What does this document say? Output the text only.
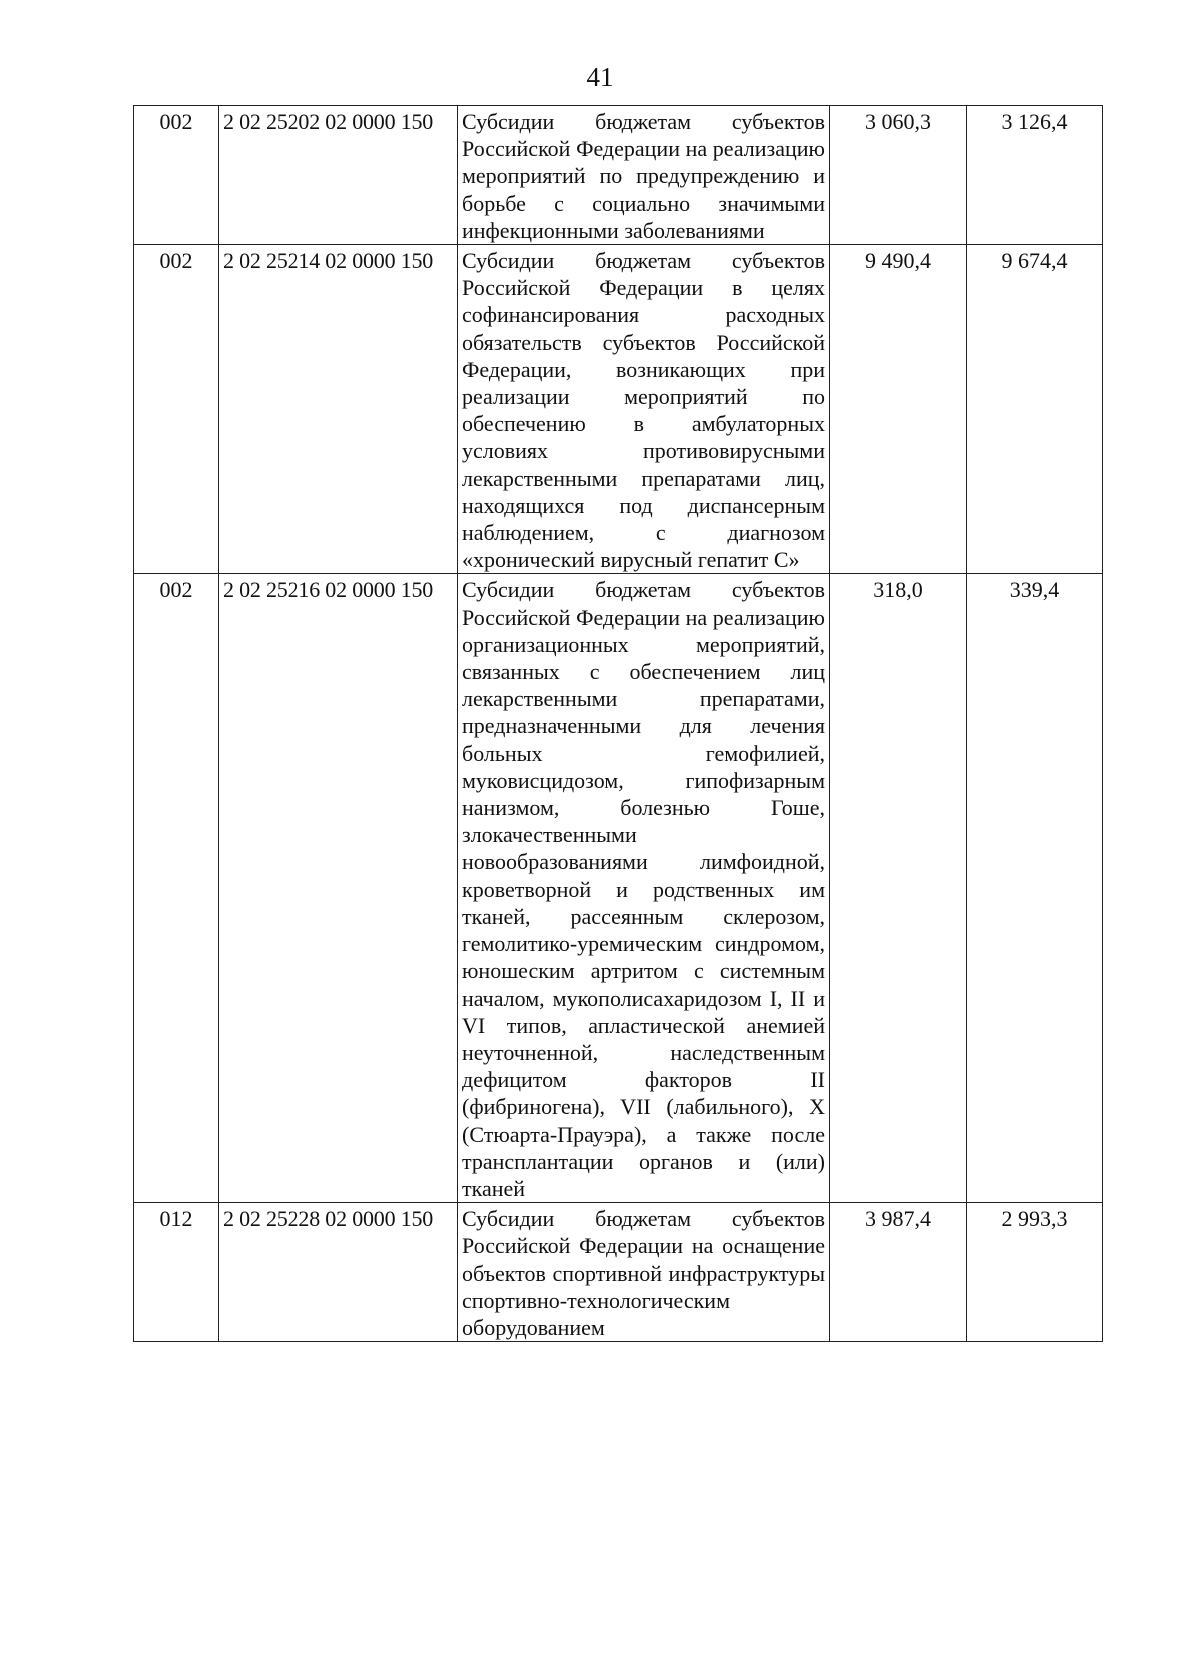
41
002	2 02 25202 02 0000 150	Субсидии бюджетам субъектов Российской Федерации на реализацию мероприятий по предупреждению и борьбе с социально значимыми инфекционными заболеваниями	3 060,3	3 126,4
002	2 02 25214 02 0000 150	Субсидии бюджетам субъектов Российской Федерации в целях софинансирования расходных обязательств субъектов Российской Федерации, возникающих при реализации мероприятий по обеспечению в амбулаторных условиях противовирусными лекарственными препаратами лиц, находящихся под диспансерным наблюдением, с диагнозом «хронический вирусный гепатит С»	9 490,4	9 674,4
002	2 02 25216 02 0000 150	Субсидии бюджетам субъектов Российской Федерации на реализацию организационных мероприятий, связанных с обеспечением лиц лекарственными препаратами, предназначенными для лечения больных гемофилией, муковисцидозом, гипофизарным нанизмом, болезнью Гоше, злокачественными новообразованиями лимфоидной, кроветворной и родственных им тканей, рассеянным склерозом, гемолитико-уремическим синдромом, юношеским артритом с системным началом, мукополисахаридозом I, II и VI типов, апластической анемией неуточненной, наследственным дефицитом факторов II (фибриногена), VII (лабильного), X (Стюарта-Прауэра), а также после трансплантации органов и (или) тканей	318,0	339,4
012	2 02 25228 02 0000 150	Субсидии бюджетам субъектов Российской Федерации на оснащение объектов спортивной инфраструктуры спортивно-технологическим оборудованием	3 987,4	2 993,3
